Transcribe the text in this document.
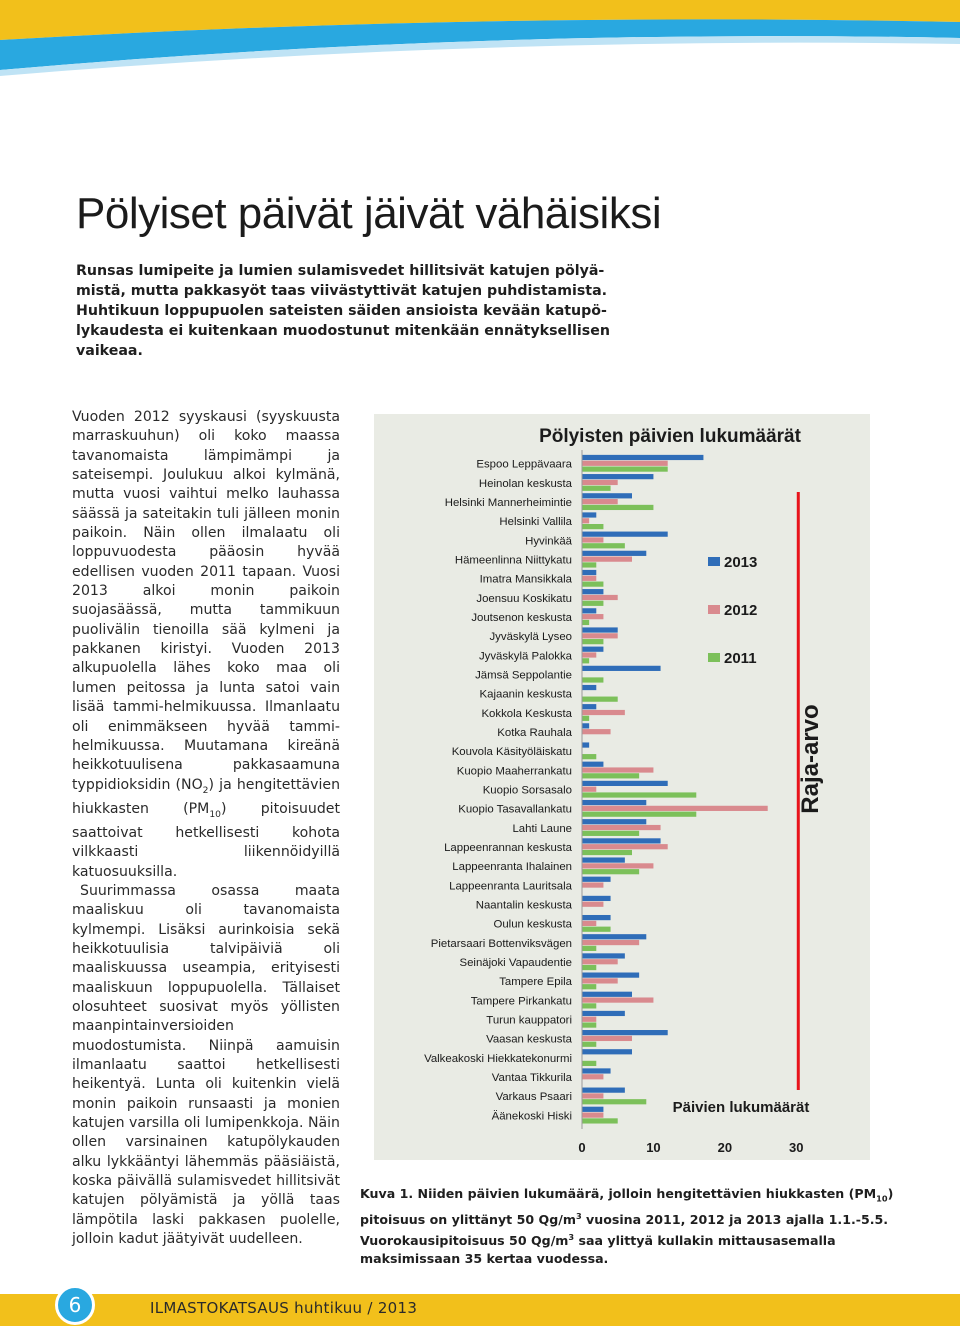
Pölyiset päivät jäivät vähäisiksi

Runsas lumipeite ja lumien sulamisvedet hillitsivät katujen pölyä-

mistä, mutta pakkasyöt taas viivästyttivät katujen puhdistamista.

Huhtikuun loppupuolen sateisten säiden ansioista kevään katupö-

lykaudesta ei kuitenkaan muodostunut mitenkään ennätyksellisen

vaikeaa.

Vuoden 2012 syyskausi (syyskuusta marraskuuhun) oli koko maassa tavanomaista lämpimämpi ja sateisempi. Joulukuu alkoi kylmänä, mutta vuosi vaihtui melko lauhassa säässä ja sateitakin tuli jälleen monin paikoin. Näin ollen ilmalaatu oli loppuvuodesta pääosin hyvää edellisen vuoden 2011 tapaan. Vuosi 2013 alkoi monin paikoin suojasäässä, mutta tammikuun puolivälin tienoilla sää kylmeni ja pakkanen kiristyi. Vuoden 2013 alkupuolella lähes koko maa oli lumen peitossa ja lunta satoi vain lisää tammi-helmikuussa. Ilmanlaatu oli enimmäkseen hyvää tammi-helmikuussa. Muutamana kireänä heikkotuulisena pakkasaamuna typpidioksidin $(NO_2)$ ja hengitettävien hiukkasten $(PM_{10})$ pitoisuudet saattoivat hetkellisesti kohota vilkkaasti liikennöidyillä katuosuuksilla.

Suurimmassa osassa maata maaliskuu oli tavanomaista kylmempi. Lisäksi aurinkoisia sekä heikkotuulisia talvipäiviä oli maaliskuussa useampia, erityisesti maaliskuun loppupuolella. Tällaiset olosuhteet suosivat myös yöllisten maanpintainversioiden muodostumista. Niinpä aamuisin ilmanlaatu saattoi hetkellisesti heikentyä. Lunta oli kuitenkin vielä monin paikoin runsaasti ja monien katujen varsilla oli lumipenkkoja. Näin ollen varsinainen katupölykauden alku lykkääntyi lähemmäs pääsiäistä, koska päivällä sulamisvedet hillitsivät katujen pölyämistä ja yöllä taas lämpötila laski pakkasen puolelle, jolloin kadut jäätyivät uudelleen.

Pölyisten päivien lukumäärät
Espoo Leppävaara
Heinolan keskusta
Helsinki Mannerheimintie
Helsinki Vallila
Hyvinkää
Hämeenlinna Niittykatu
Imatra Mansikkala
Joensuu Koskikatu
Joutsenon keskusta
Jyväskylä Lyseo
Jyväskylä Palokka
Jämsä Seppolantie
Kajaanin keskusta
Kokkola Keskusta
Kotka Rauhala
Kouvola Käsityöläiskatu
Kuopio Maaherrankatu
Kuopio Sorsasalo
Kuopio Tasavallankatu
Lahti Laune
Lappeenrannan keskusta
Lappeenranta Ihalainen
Lappeenranta Lauritsala
Naantalin keskusta
Oulun keskusta
Pietarsaari Bottenviksvägen
Seinäjoki Vapaudentie
Tampere Epila
Tampere Pirkankatu
Turun kauppatori
Vaasan keskusta
Valkeakoski Hiekkatekonurmi
Vantaa Tikkurila
Varkaus Psaari
Äänekoski Hiski
0	10	20	30
Päivien lukumäärät
Raja-arvo
2013
2012
2011

Kuva 1. Niiden päivien lukumäärä, jolloin hengitettävien hiukkasten $(PM_{10})$ pitoisuus on ylittänyt 50 $Qg/m^3$ vuosina 2011, 2012 ja 2013 ajalla 1.1.-5.5. Vuorokausipitoisuus 50 $Qg/m^3$ saa ylittyä kullakin mittausasemalla maksimissaan 35 kertaa vuodessa.

6	ILMASTOKATSAUS huhtikuu / 2013
